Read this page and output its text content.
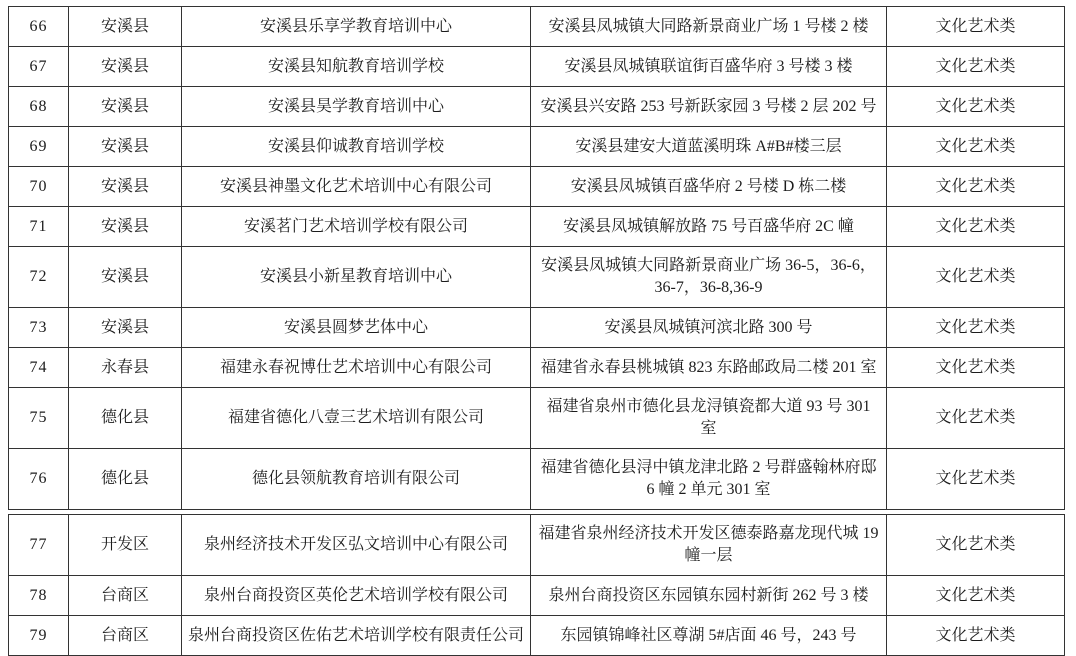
66	安溪县	安溪县乐享学教育培训中心	安溪县凤城镇大同路新景商业广场 1 号楼 2 楼	文化艺术类
67	安溪县	安溪县知航教育培训学校	安溪县凤城镇联谊街百盛华府 3 号楼 3 楼	文化艺术类
68	安溪县	安溪县昊学教育培训中心	安溪县兴安路 253 号新跃家园 3 号楼 2 层 202 号	文化艺术类
69	安溪县	安溪县仰诚教育培训学校	安溪县建安大道蓝溪明珠 A#B#楼三层	文化艺术类
70	安溪县	安溪县神墨文化艺术培训中心有限公司	安溪县凤城镇百盛华府 2 号楼 D 栋二楼	文化艺术类
71	安溪县	安溪茗门艺术培训学校有限公司	安溪县凤城镇解放路 75 号百盛华府 2C 幢	文化艺术类
72	安溪县	安溪县小新星教育培训中心	安溪县凤城镇大同路新景商业广场 36-5，36-6，36-7，36-8,36-9	文化艺术类
73	安溪县	安溪县圆梦艺体中心	安溪县凤城镇河滨北路 300 号	文化艺术类
74	永春县	福建永春祝博仕艺术培训中心有限公司	福建省永春县桃城镇 823 东路邮政局二楼 201 室	文化艺术类
75	德化县	福建省德化八壹三艺术培训有限公司	福建省泉州市德化县龙浔镇瓷都大道 93 号 301 室	文化艺术类
76	德化县	德化县领航教育培训有限公司	福建省德化县浔中镇龙津北路 2 号群盛翰林府邸 6 幢 2 单元 301 室	文化艺术类
77	开发区	泉州经济技术开发区弘文培训中心有限公司	福建省泉州经济技术开发区德泰路嘉龙现代城 19 幢一层	文化艺术类
78	台商区	泉州台商投资区英伦艺术培训学校有限公司	泉州台商投资区东园镇东园村新街 262 号 3 楼	文化艺术类
79	台商区	泉州台商投资区佐佑艺术培训学校有限责任公司	东园镇锦峰社区尊湖 5#店面 46 号，243 号	文化艺术类
